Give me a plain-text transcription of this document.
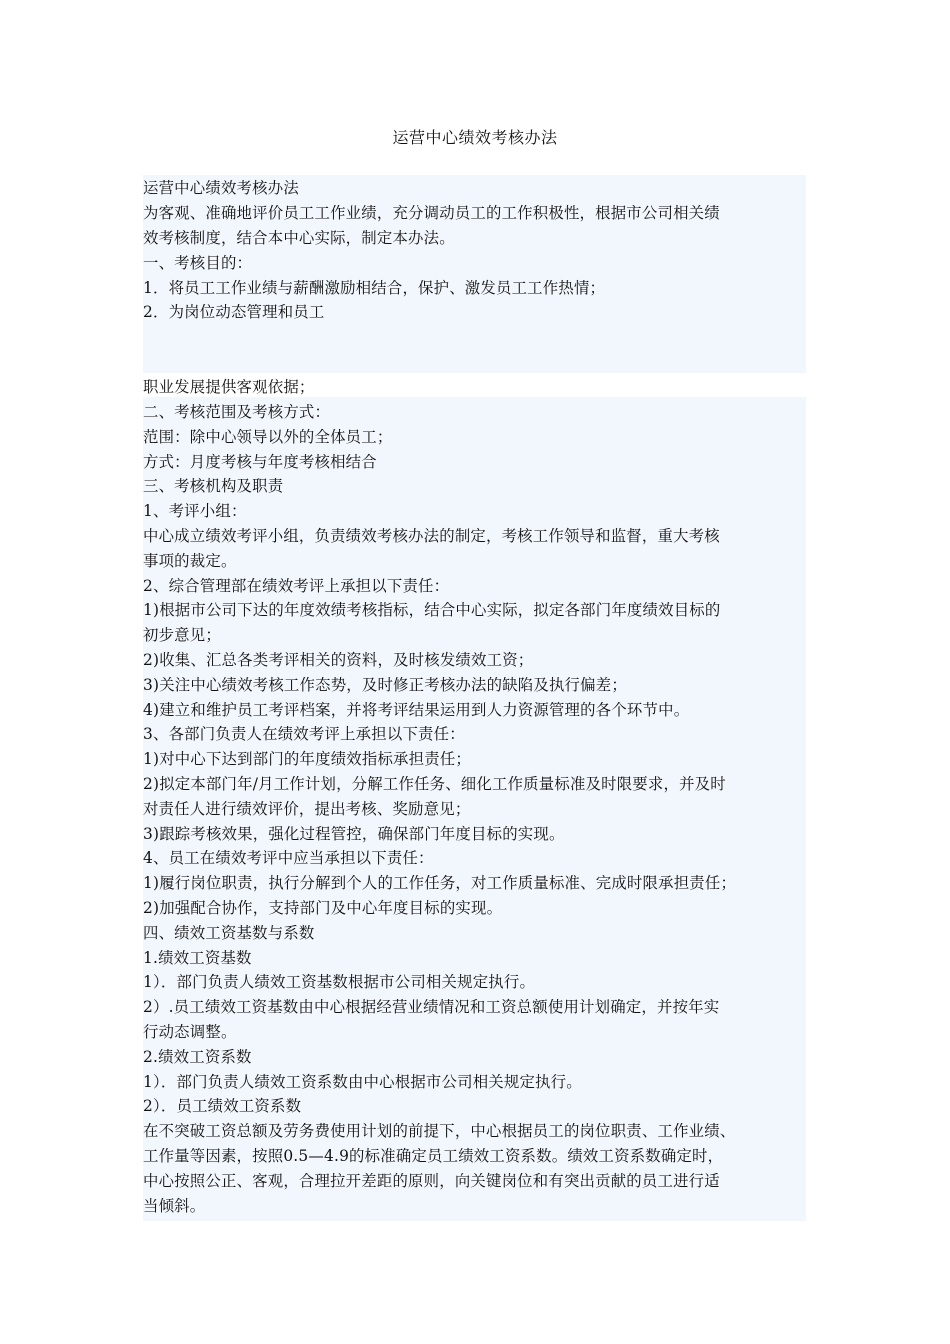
运营中心绩效考核办法
运营中心绩效考核办法
为客观、准确地评价员工工作业绩，充分调动员工的工作积极性，根据市公司相关绩
效考核制度，结合本中心实际，制定本办法。
一、考核目的：
1．将员工工作业绩与薪酬激励相结合，保护、激发员工工作热情；
2．为岗位动态管理和员工
职业发展提供客观依据；
二、考核范围及考核方式：
范围：除中心领导以外的全体员工；
方式：月度考核与年度考核相结合
三、考核机构及职责
1、考评小组：
中心成立绩效考评小组，负责绩效考核办法的制定，考核工作领导和监督，重大考核
事项的裁定。
2、综合管理部在绩效考评上承担以下责任：
1)根据市公司下达的年度效绩考核指标，结合中心实际，拟定各部门年度绩效目标的
初步意见；
2)收集、汇总各类考评相关的资料，及时核发绩效工资；
3)关注中心绩效考核工作态势，及时修正考核办法的缺陷及执行偏差；
4)建立和维护员工考评档案，并将考评结果运用到人力资源管理的各个环节中。
3、各部门负责人在绩效考评上承担以下责任：
1)对中心下达到部门的年度绩效指标承担责任；
2)拟定本部门年/月工作计划，分解工作任务、细化工作质量标准及时限要求，并及时
对责任人进行绩效评价，提出考核、奖励意见；
3)跟踪考核效果，强化过程管控，确保部门年度目标的实现。
4、员工在绩效考评中应当承担以下责任：
1)履行岗位职责，执行分解到个人的工作任务，对工作质量标准、完成时限承担责任；
2)加强配合协作，支持部门及中心年度目标的实现。
四、绩效工资基数与系数
1.绩效工资基数
1）．部门负责人绩效工资基数根据市公司相关规定执行。
2）.员工绩效工资基数由中心根据经营业绩情况和工资总额使用计划确定，并按年实
行动态调整。
2.绩效工资系数
1）．部门负责人绩效工资系数由中心根据市公司相关规定执行。
2）．员工绩效工资系数
在不突破工资总额及劳务费使用计划的前提下，中心根据员工的岗位职责、工作业绩、
工作量等因素，按照0.5—4.9的标准确定员工绩效工资系数。绩效工资系数确定时，
中心按照公正、客观，合理拉开差距的原则，向关键岗位和有突出贡献的员工进行适
当倾斜。
